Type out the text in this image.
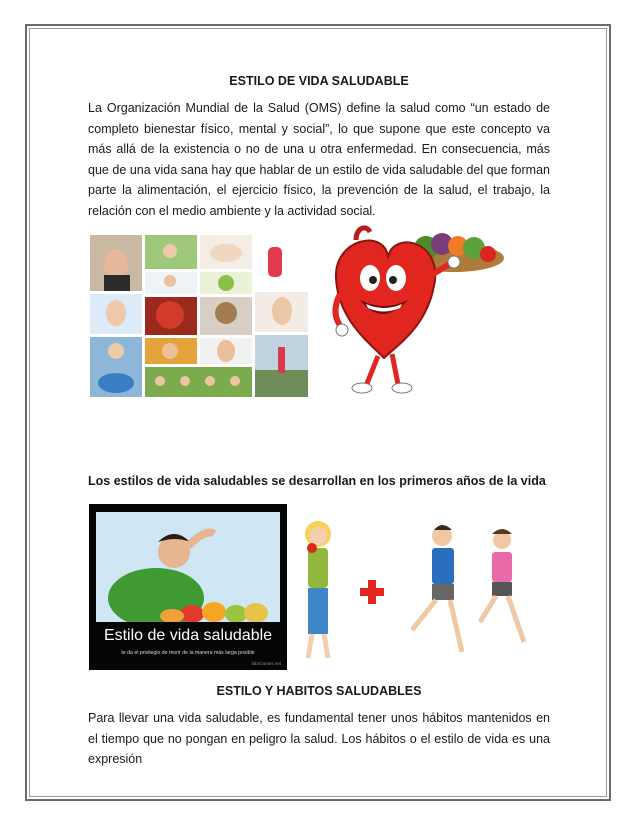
ESTILO DE VIDA SALUDABLE

La Organización Mundial de la Salud (OMS) define la salud como “un estado de completo bienestar físico, mental y social”, lo que supone que este concepto va más allá de la existencia o no de una u otra enfermedad. En consecuencia, más que de una vida sana hay que hablar de un estilo de vida saludable del que forman parte la alimentación, el ejercicio físico, la prevención de la salud, el trabajo, la relación con el medio ambiente y la actividad social.

Los estilos de vida saludables se desarrollan en los primeros años de la vida

Estilo de vida saludable
te da el privilegio de morir de la manera más larga posible
fabricantes.net
ESTILO Y HABITOS SALUDABLES

Para llevar una vida saludable, es fundamental tener unos hábitos mantenidos en el tiempo que no pongan en peligro la salud. Los hábitos o el estilo de vida es una expresión
